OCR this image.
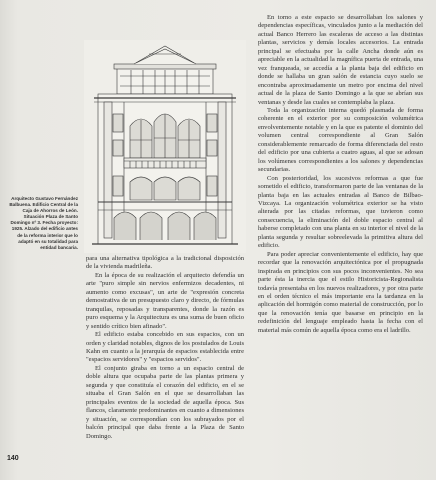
Arquitecto Gustavo Fernández Balbuena. Edificio Central de la Caja de Ahorros de León. Situación Plaza de Santo Domingo nº 3. Fecha proyecto: 1925. Alzado del edificio antes de la reforma interior que lo adaptó en su totalidad para entidad bancaria.

para una alternativa tipológica a la tradicional disposición de la vivienda madrileña.

En la época de su realización el arquitecto defendía un arte "puro simple sin nervios enfermizos decadentes, ni aumento como excusas", un arte de "expresión concreta demostrativa de un presupuesto claro y directo, de fórmulas tranquilas, reposadas y transparentes, donde la razón es puro esquema y la Arquitectura es una suma de buen oficio y sentido crítico bien afinado".

El edificio estaba concebido en sus espacios, con un orden y claridad notables, dignos de los postulados de Louis Kahn en cuanto a la jerarquía de espacios establecida entre "espacios servidores" y "espacios servidos".

El conjunto giraba en torno a un espacio central de doble altura que ocupaba parte de las plantas primera y segunda y que constituía el corazón del edificio, en el se situaba el Gran Salón en el que se desarrollaban las principales eventos de la sociedad de aquella época. Sus flancos, claramente predominantes en cuanto a dimensiones y situación, se correspondían con los subrayados por el balcón principal que daba frente a la Plaza de Santo Domingo.

En torno a este espacio se desarrollaban los salones y dependencias específicas, vinculados junto a la mediación del actual Banco Herrero las escaleras de acceso a las distintas plantas, servicios y demás locales accesorios. La entrada principal se efectuaba por la calle Ancha donde aún es apreciable en la actualidad la magnífica puerta de entrada, una vez franqueada, se accedía a la planta baja del edificio en donde se hallaba un gran salón de estancia cuyo suelo se encontraba aproximadamente un metro por encima del nivel actual de la plaza de Santo Domingo a la que se abrían sus ventanas y desde las cuales se contemplaba la plaza.

Toda la organización interna quedó plasmada de forma coherente en el exterior por su composición volumétrica envolventemente notable y en la que es patente el dominio del volumen central correspondiente al Gran Salón considerablemente remarcado de forma diferenciada del resto del edificio por una cubierta a cuatro aguas, al que se adosan los volúmenes correspondientes a los salones y dependencias secundarias.

Con posterioridad, los sucesivos reformas a que fue sometido el edificio, transformaron parte de las ventanas de la planta baja en las actuales entradas al Banco de Bilbao-Vizcaya. La organización volumétrica exterior se ha visto alterada por las citadas reformas, que tuvieron como consecuencia, la eliminación del doble espacio central al haberse completado con una planta en su interior el nivel de la planta segunda y resultar sobreelevada la primitiva altura del edificio.

Para poder apreciar convenientemente el edificio, hay que recordar que la renovación arquitectónica por el propugnada inspirada en principios con sus pocos inconvenientes. No sea parte ésta la inercia que el estilo Historicista-Regionalista todavía presentaba en los nuevos realizadores, y por otra parte en el orden técnico el más importante era la tardanza en la aplicación del hormigón como material de construcción, por lo que la renovación tenía que basarse en principio en la redefinición del lenguaje empleado hasta la fecha con el material más común de aquella época como era el ladrillo.

140
